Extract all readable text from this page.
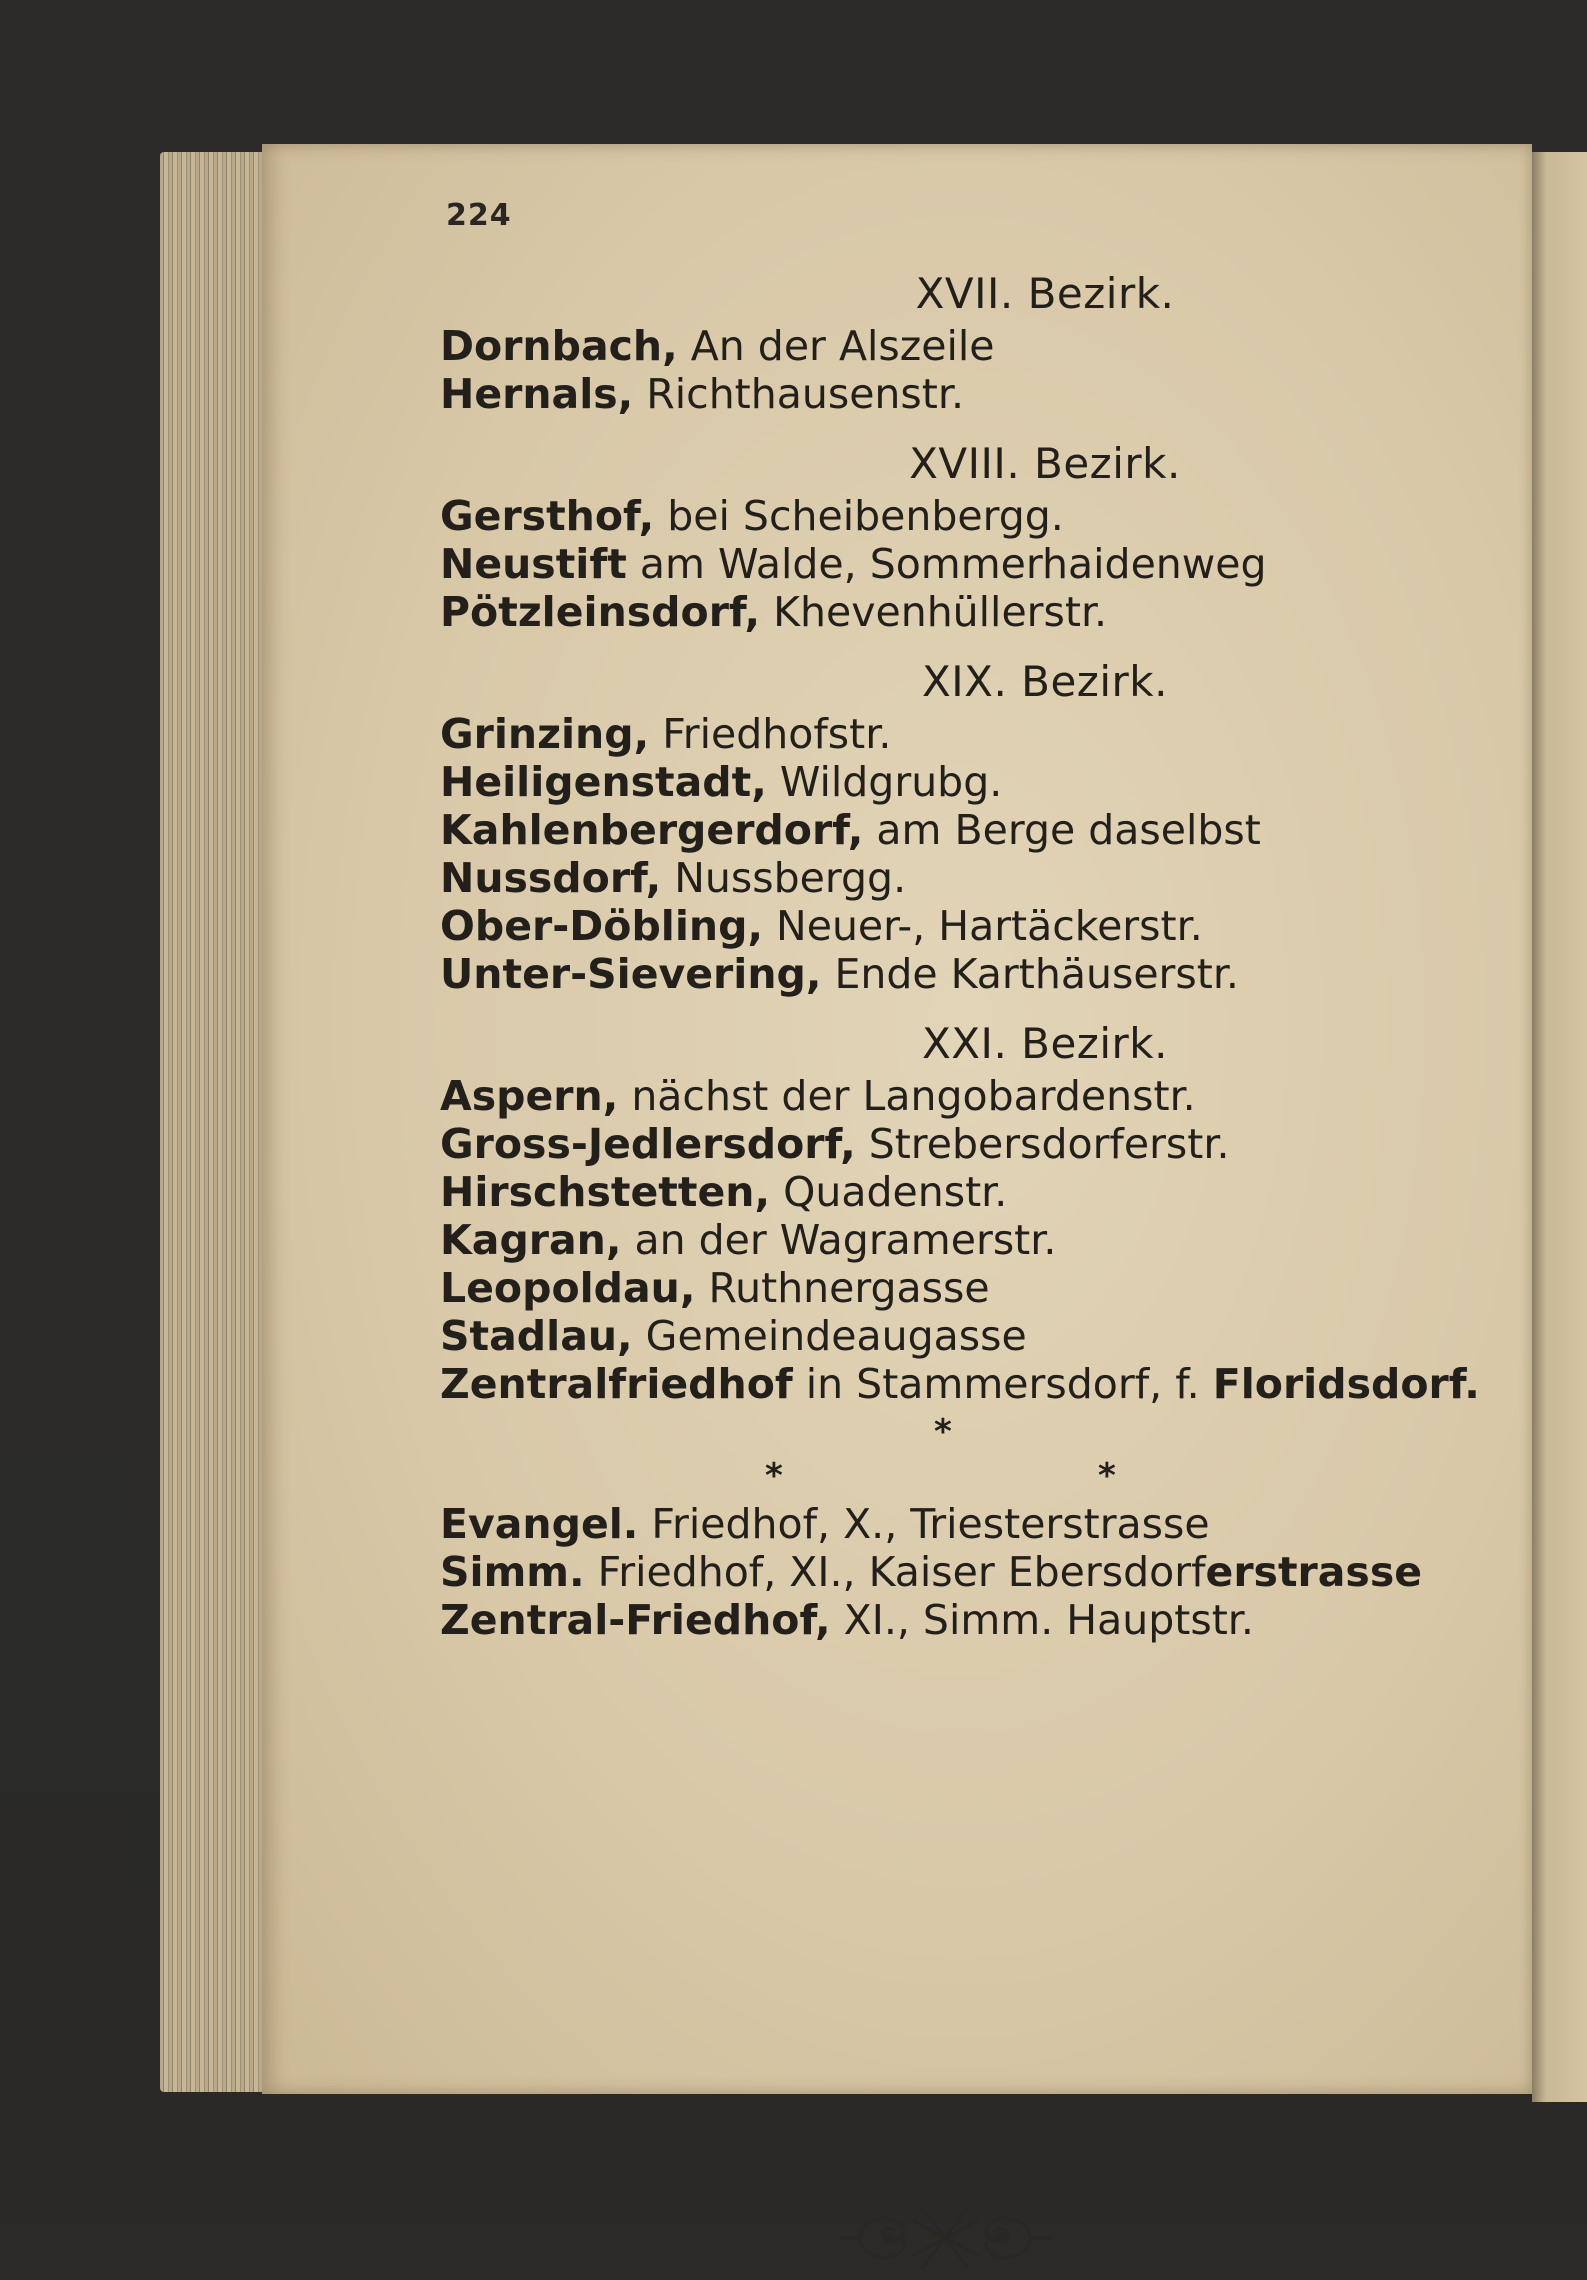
224
XVII. Bezirk.
Dornbach, An der Alszeile
Hernals, Richthausenstr.
XVIII. Bezirk.
Gersthof, bei Scheibenbergg.
Neustift am Walde, Sommerhaidenweg
Pötzleinsdorf, Khevenhüllerstr.
XIX. Bezirk.
Grinzing, Friedhofstr.
Heiligenstadt, Wildgrubg.
Kahlenbergerdorf, am Berge daselbst
Nussdorf, Nussbergg.
Ober-Döbling, Neuer-, Hartäckerstr.
Unter-Sievering, Ende Karthäuserstr.
XXI. Bezirk.
Aspern, nächst der Langobardenstr.
Gross-Jedlersdorf, Strebersdorferstr.
Hirschstetten, Quadenstr.
Kagran, an der Wagramerstr.
Leopoldau, Ruthnergasse
Stadlau, Gemeindeaugasse
Zentralfriedhof in Stammersdorf, f. Floridsdorf.
*
*	*
Evangel. Friedhof, X., Triesterstrasse
Simm. Friedhof, XI., Kaiser Ebersdorferstrasse
Zentral-Friedhof, XI., Simm. Hauptstr.
